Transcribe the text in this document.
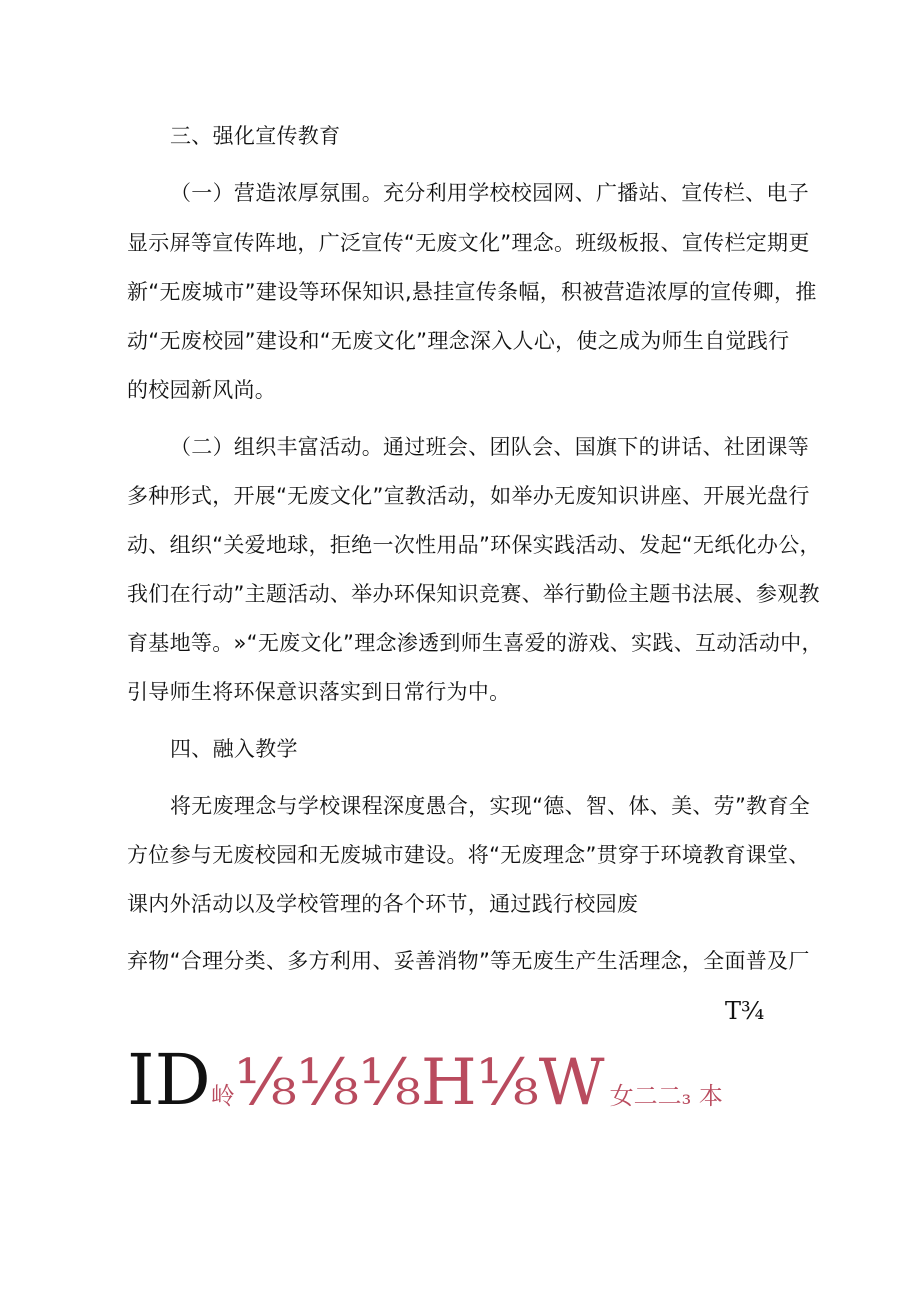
三、强化宣传教育
（一）营造浓厚氛围。充分利用学校校园网、广播站、宣传栏、电子
显示屏等宣传阵地，广泛宣传“无废文化”理念。班级板报、宣传栏定期更
新“无废城市”建设等环保知识,悬挂宣传条幅，积被营造浓厚的宣传卿，推
动“无废校园”建设和“无废文化”理念深入人心，使之成为师生自觉践行
的校园新风尚。
（二）组织丰富活动。通过班会、团队会、国旗下的讲话、社团课等
多种形式，开展“无废文化”宣教活动，如举办无废知识讲座、开展光盘行
动、组织“关爱地球，拒绝一次性用品”环保实践活动、发起“无纸化办公，
我们在行动”主题活动、举办环保知识竞赛、举行勤俭主题书法展、参观教
育基地等。»“无废文化”理念渗透到师生喜爱的游戏、实践、互动活动中，
引导师生将环保意识落实到日常行为中。
四、融入教学
将无废理念与学校课程深度愚合，实现“德、智、体、美、劳”教育全
方位参与无废校园和无废城市建设。将“无废理念”贯穿于环境教育课堂、
课内外活动以及学校管理的各个环节，通过践行校园废
弃物“合理分类、多方利用、妥善消物”等无废生产生活理念，全面普及厂
T¾
ID岭⅛⅛⅛H⅛W 女二二₃ 本
